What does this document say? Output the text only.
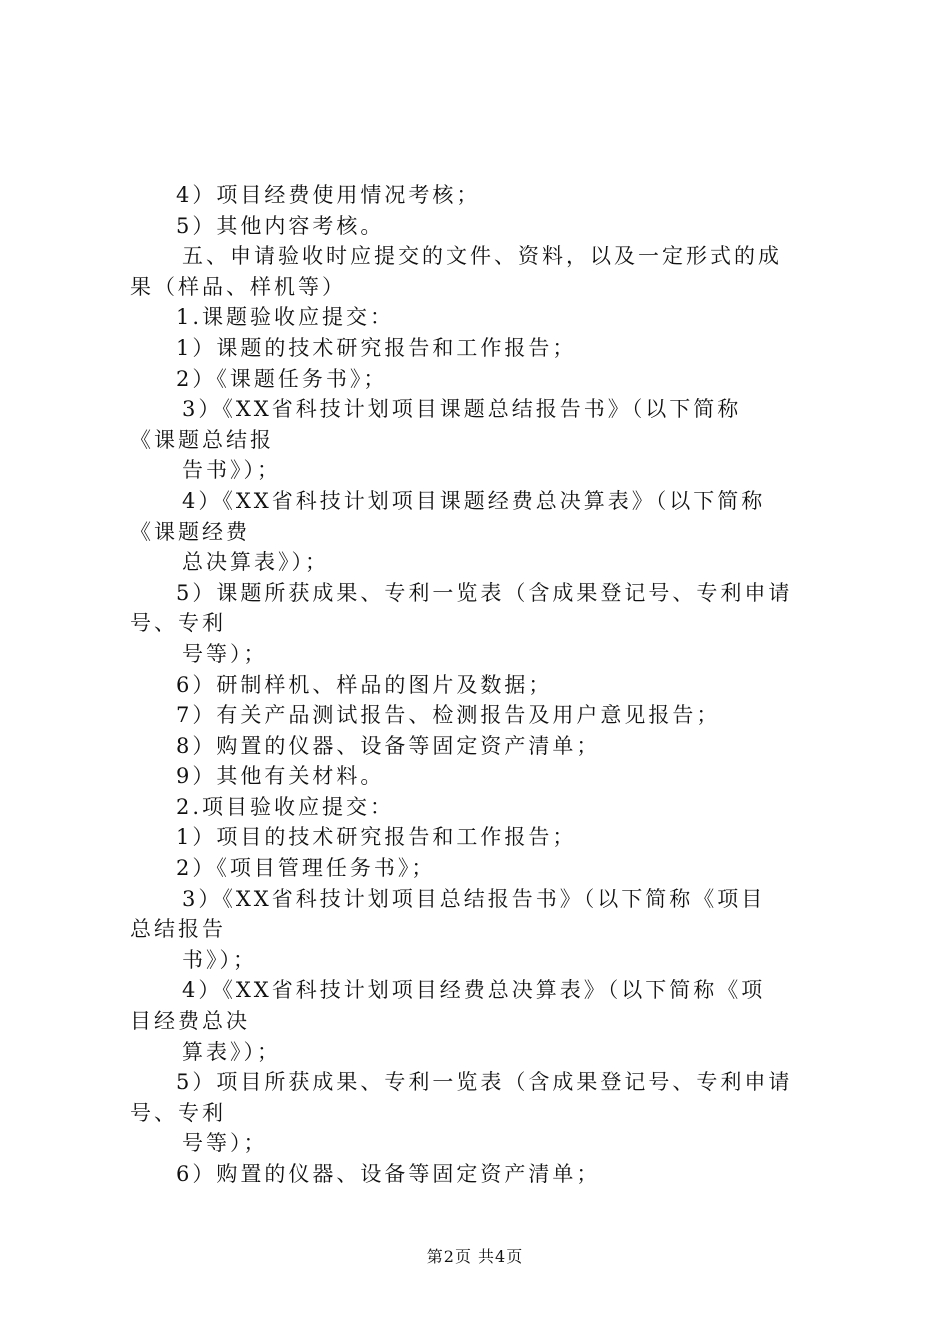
4）项目经费使用情况考核；
5）其他内容考核。
五、申请验收时应提交的文件、资料，以及一定形式的成
果（样品、样机等）
1.课题验收应提交：
1）课题的技术研究报告和工作报告；
2）《课题任务书》；
3）《XX省科技计划项目课题总结报告书》（以下简称
《课题总结报
告书》）；
4）《XX省科技计划项目课题经费总决算表》（以下简称
《课题经费
总决算表》）；
5）课题所获成果、专利一览表（含成果登记号、专利申请
号、专利
号等）；
6）研制样机、样品的图片及数据；
7）有关产品测试报告、检测报告及用户意见报告；
8）购置的仪器、设备等固定资产清单；
9）其他有关材料。
2.项目验收应提交：
1）项目的技术研究报告和工作报告；
2）《项目管理任务书》；
3）《XX省科技计划项目总结报告书》（以下简称《项目
总结报告
书》）；
4）《XX省科技计划项目经费总决算表》（以下简称《项
目经费总决
算表》）；
5）项目所获成果、专利一览表（含成果登记号、专利申请
号、专利
号等）；
6）购置的仪器、设备等固定资产清单；
第2页 共4页
